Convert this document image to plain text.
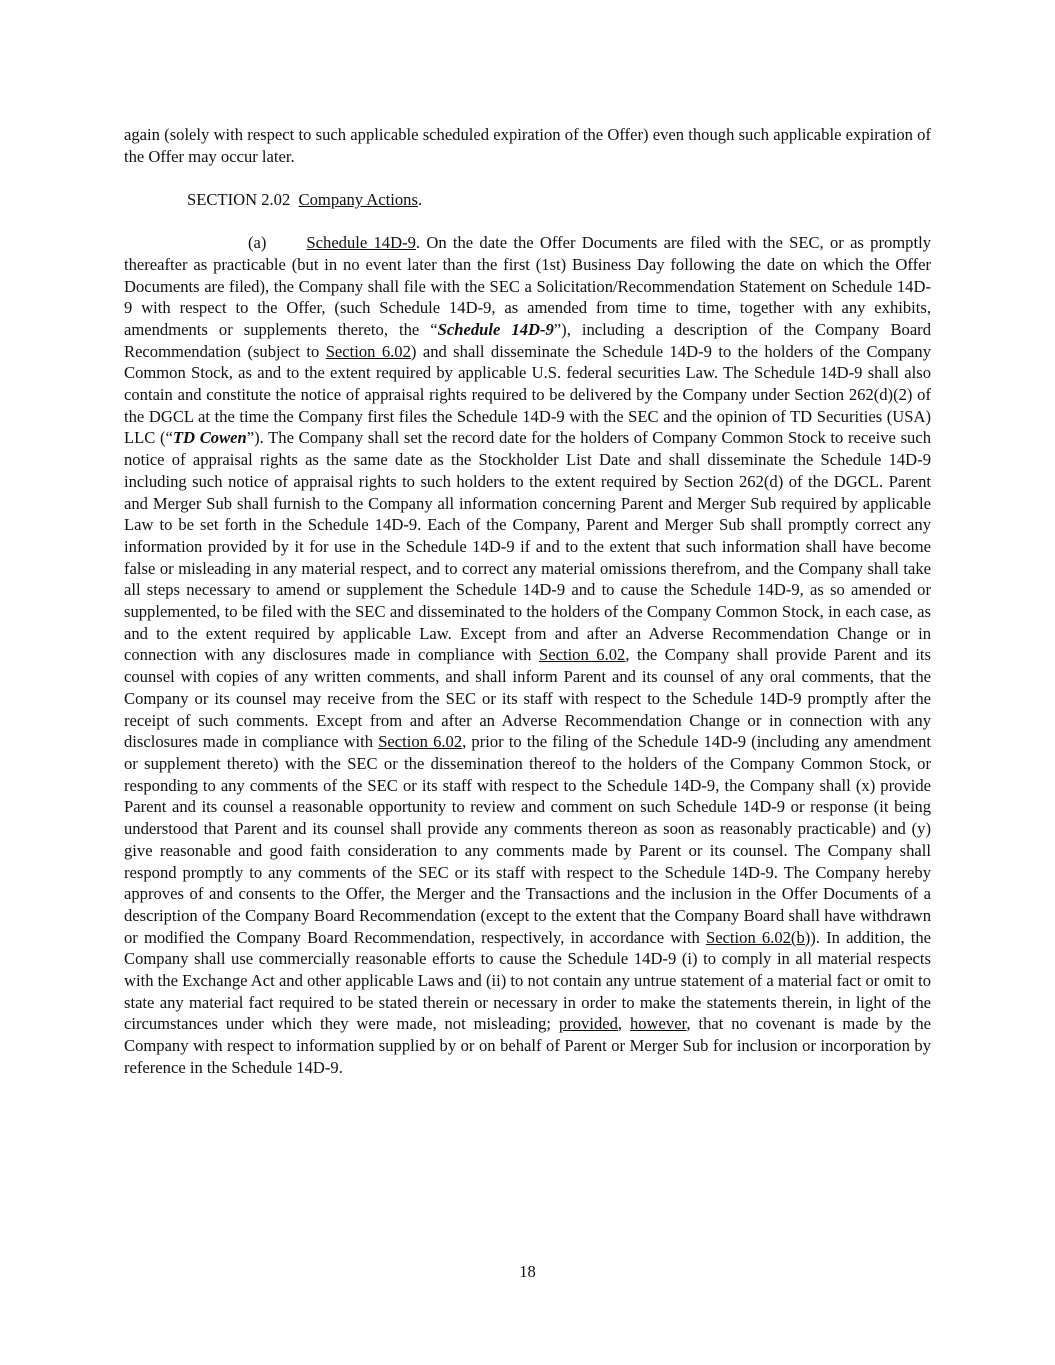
again (solely with respect to such applicable scheduled expiration of the Offer) even though such applicable expiration of the Offer may occur later.

SECTION 2.02 Company Actions.

(a) Schedule 14D-9. On the date the Offer Documents are filed with the SEC, or as promptly thereafter as practicable (but in no event later than the first (1st) Business Day following the date on which the Offer Documents are filed), the Company shall file with the SEC a Solicitation/Recommendation Statement on Schedule 14D-9 with respect to the Offer, (such Schedule 14D-9, as amended from time to time, together with any exhibits, amendments or supplements thereto, the “Schedule 14D-9”), including a description of the Company Board Recommendation (subject to Section 6.02) and shall disseminate the Schedule 14D-9 to the holders of the Company Common Stock, as and to the extent required by applicable U.S. federal securities Law. The Schedule 14D-9 shall also contain and constitute the notice of appraisal rights required to be delivered by the Company under Section 262(d)(2) of the DGCL at the time the Company first files the Schedule 14D-9 with the SEC and the opinion of TD Securities (USA) LLC (“TD Cowen”). The Company shall set the record date for the holders of Company Common Stock to receive such notice of appraisal rights as the same date as the Stockholder List Date and shall disseminate the Schedule 14D-9 including such notice of appraisal rights to such holders to the extent required by Section 262(d) of the DGCL. Parent and Merger Sub shall furnish to the Company all information concerning Parent and Merger Sub required by applicable Law to be set forth in the Schedule 14D-9. Each of the Company, Parent and Merger Sub shall promptly correct any information provided by it for use in the Schedule 14D-9 if and to the extent that such information shall have become false or misleading in any material respect, and to correct any material omissions therefrom, and the Company shall take all steps necessary to amend or supplement the Schedule 14D-9 and to cause the Schedule 14D-9, as so amended or supplemented, to be filed with the SEC and disseminated to the holders of the Company Common Stock, in each case, as and to the extent required by applicable Law. Except from and after an Adverse Recommendation Change or in connection with any disclosures made in compliance with Section 6.02, the Company shall provide Parent and its counsel with copies of any written comments, and shall inform Parent and its counsel of any oral comments, that the Company or its counsel may receive from the SEC or its staff with respect to the Schedule 14D-9 promptly after the receipt of such comments. Except from and after an Adverse Recommendation Change or in connection with any disclosures made in compliance with Section 6.02, prior to the filing of the Schedule 14D-9 (including any amendment or supplement thereto) with the SEC or the dissemination thereof to the holders of the Company Common Stock, or responding to any comments of the SEC or its staff with respect to the Schedule 14D-9, the Company shall (x) provide Parent and its counsel a reasonable opportunity to review and comment on such Schedule 14D-9 or response (it being understood that Parent and its counsel shall provide any comments thereon as soon as reasonably practicable) and (y) give reasonable and good faith consideration to any comments made by Parent or its counsel. The Company shall respond promptly to any comments of the SEC or its staff with respect to the Schedule 14D-9. The Company hereby approves of and consents to the Offer, the Merger and the Transactions and the inclusion in the Offer Documents of a description of the Company Board Recommendation (except to the extent that the Company Board shall have withdrawn or modified the Company Board Recommendation, respectively, in accordance with Section 6.02(b)). In addition, the Company shall use commercially reasonable efforts to cause the Schedule 14D-9 (i) to comply in all material respects with the Exchange Act and other applicable Laws and (ii) to not contain any untrue statement of a material fact or omit to state any material fact required to be stated therein or necessary in order to make the statements therein, in light of the circumstances under which they were made, not misleading; provided, however, that no covenant is made by the Company with respect to information supplied by or on behalf of Parent or Merger Sub for inclusion or incorporation by reference in the Schedule 14D-9.

18
